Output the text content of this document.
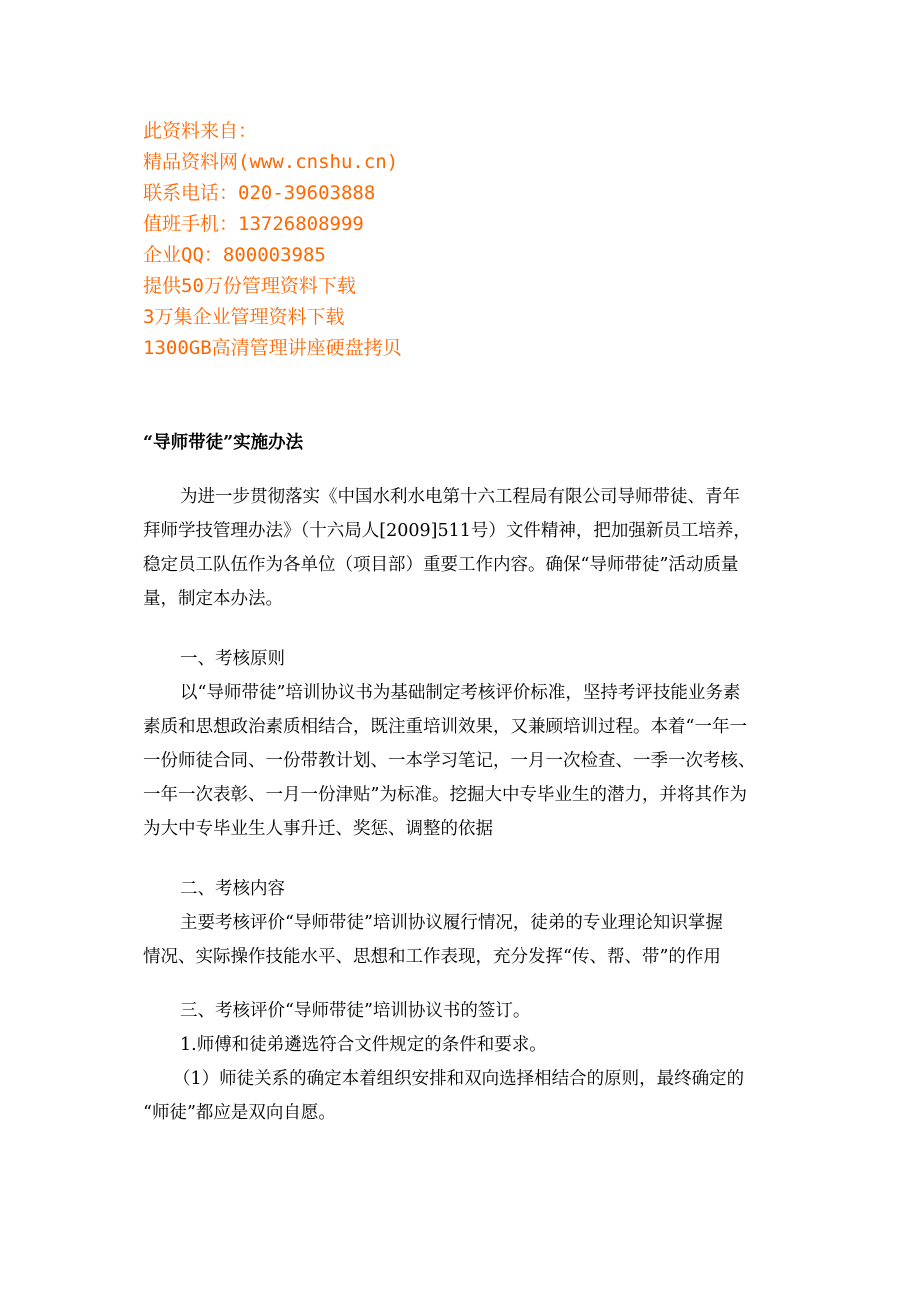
此资料来自：
精品资料网(www.cnshu.cn)
联系电话：020-39603888
值班手机：13726808999
企业QQ：800003985
提供50万份管理资料下载
3万集企业管理资料下载
1300GB高清管理讲座硬盘拷贝
“导师带徒”实施办法
为进一步贯彻落实《中国水利水电第十六工程局有限公司导师带徒、青年
拜师学技管理办法》（十六局人[2009]511号）文件精神，把加强新员工培养，
稳定员工队伍作为各单位（项目部）重要工作内容。确保“导师带徒”活动质量
量，制定本办法。
一、考核原则
以“导师带徒”培训协议书为基础制定考核评价标准，坚持考评技能业务素
素质和思想政治素质相结合，既注重培训效果，又兼顾培训过程。本着“一年一
一份师徒合同、一份带教计划、一本学习笔记，一月一次检查、一季一次考核、
一年一次表彰、一月一份津贴”为标准。挖掘大中专毕业生的潜力，并将其作为
为大中专毕业生人事升迁、奖惩、调整的依据
二、考核内容
主要考核评价“导师带徒”培训协议履行情况，徒弟的专业理论知识掌握
情况、实际操作技能水平、思想和工作表现，充分发挥“传、帮、带”的作用
三、考核评价“导师带徒”培训协议书的签订。
1.师傅和徒弟遴选符合文件规定的条件和要求。
（1）师徒关系的确定本着组织安排和双向选择相结合的原则，最终确定的
“师徒”都应是双向自愿。
